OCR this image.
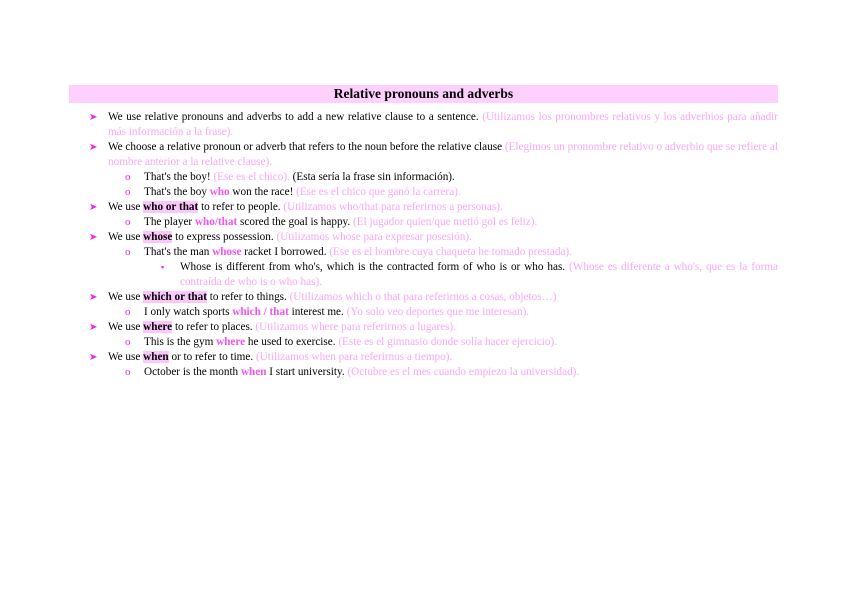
Relative pronouns and adverbs
➤ We use relative pronouns and adverbs to add a new relative clause to a sentence. (Utilizamos los pronombres relativos y los adverbios para añadir más información a la frase).
➤ We choose a relative pronoun or adverb that refers to the noun before the relative clause (Elegimos un pronombre relativo o adverbio que se refiere al nombre anterior a la relative clause).
o That's the boy! (Ese es el chico). (Esta sería la frase sin información).
o That's the boy who won the race! (Ese es el chico que ganó la carrera).
➤ We use who or that to refer to people. (Utilizamos who/that para referirnos a personas).
o The player who/that scored the goal is happy. (El jugador quien/que metió gol es feliz).
➤ We use whose to express possession. (Utilizamos whose para expresar posesión).
o That's the man whose racket I borrowed. (Ese es el hombre cuya chaqueta he tomado prestada).
▪ Whose is different from who's, which is the contracted form of who is or who has. (Whose es diferente a who's, que es la forma contraída de who is o who has).
➤ We use which or that to refer to things. (Utilizamos which o that para referirnos a cosas, objetos…)
o I only watch sports which / that interest me. (Yo solo veo deportes que me interesan).
➤ We use where to refer to places. (Utilizamos where para referirnos a lugares).
o This is the gym where he used to exercise. (Este es el gimnasio donde solía hacer ejercicio).
➤ We use when or to refer to time. (Utilizamos when para referirnos a tiempo).
o October is the month when I start university. (Octubre es el mes cuando empiezo la universidad).
